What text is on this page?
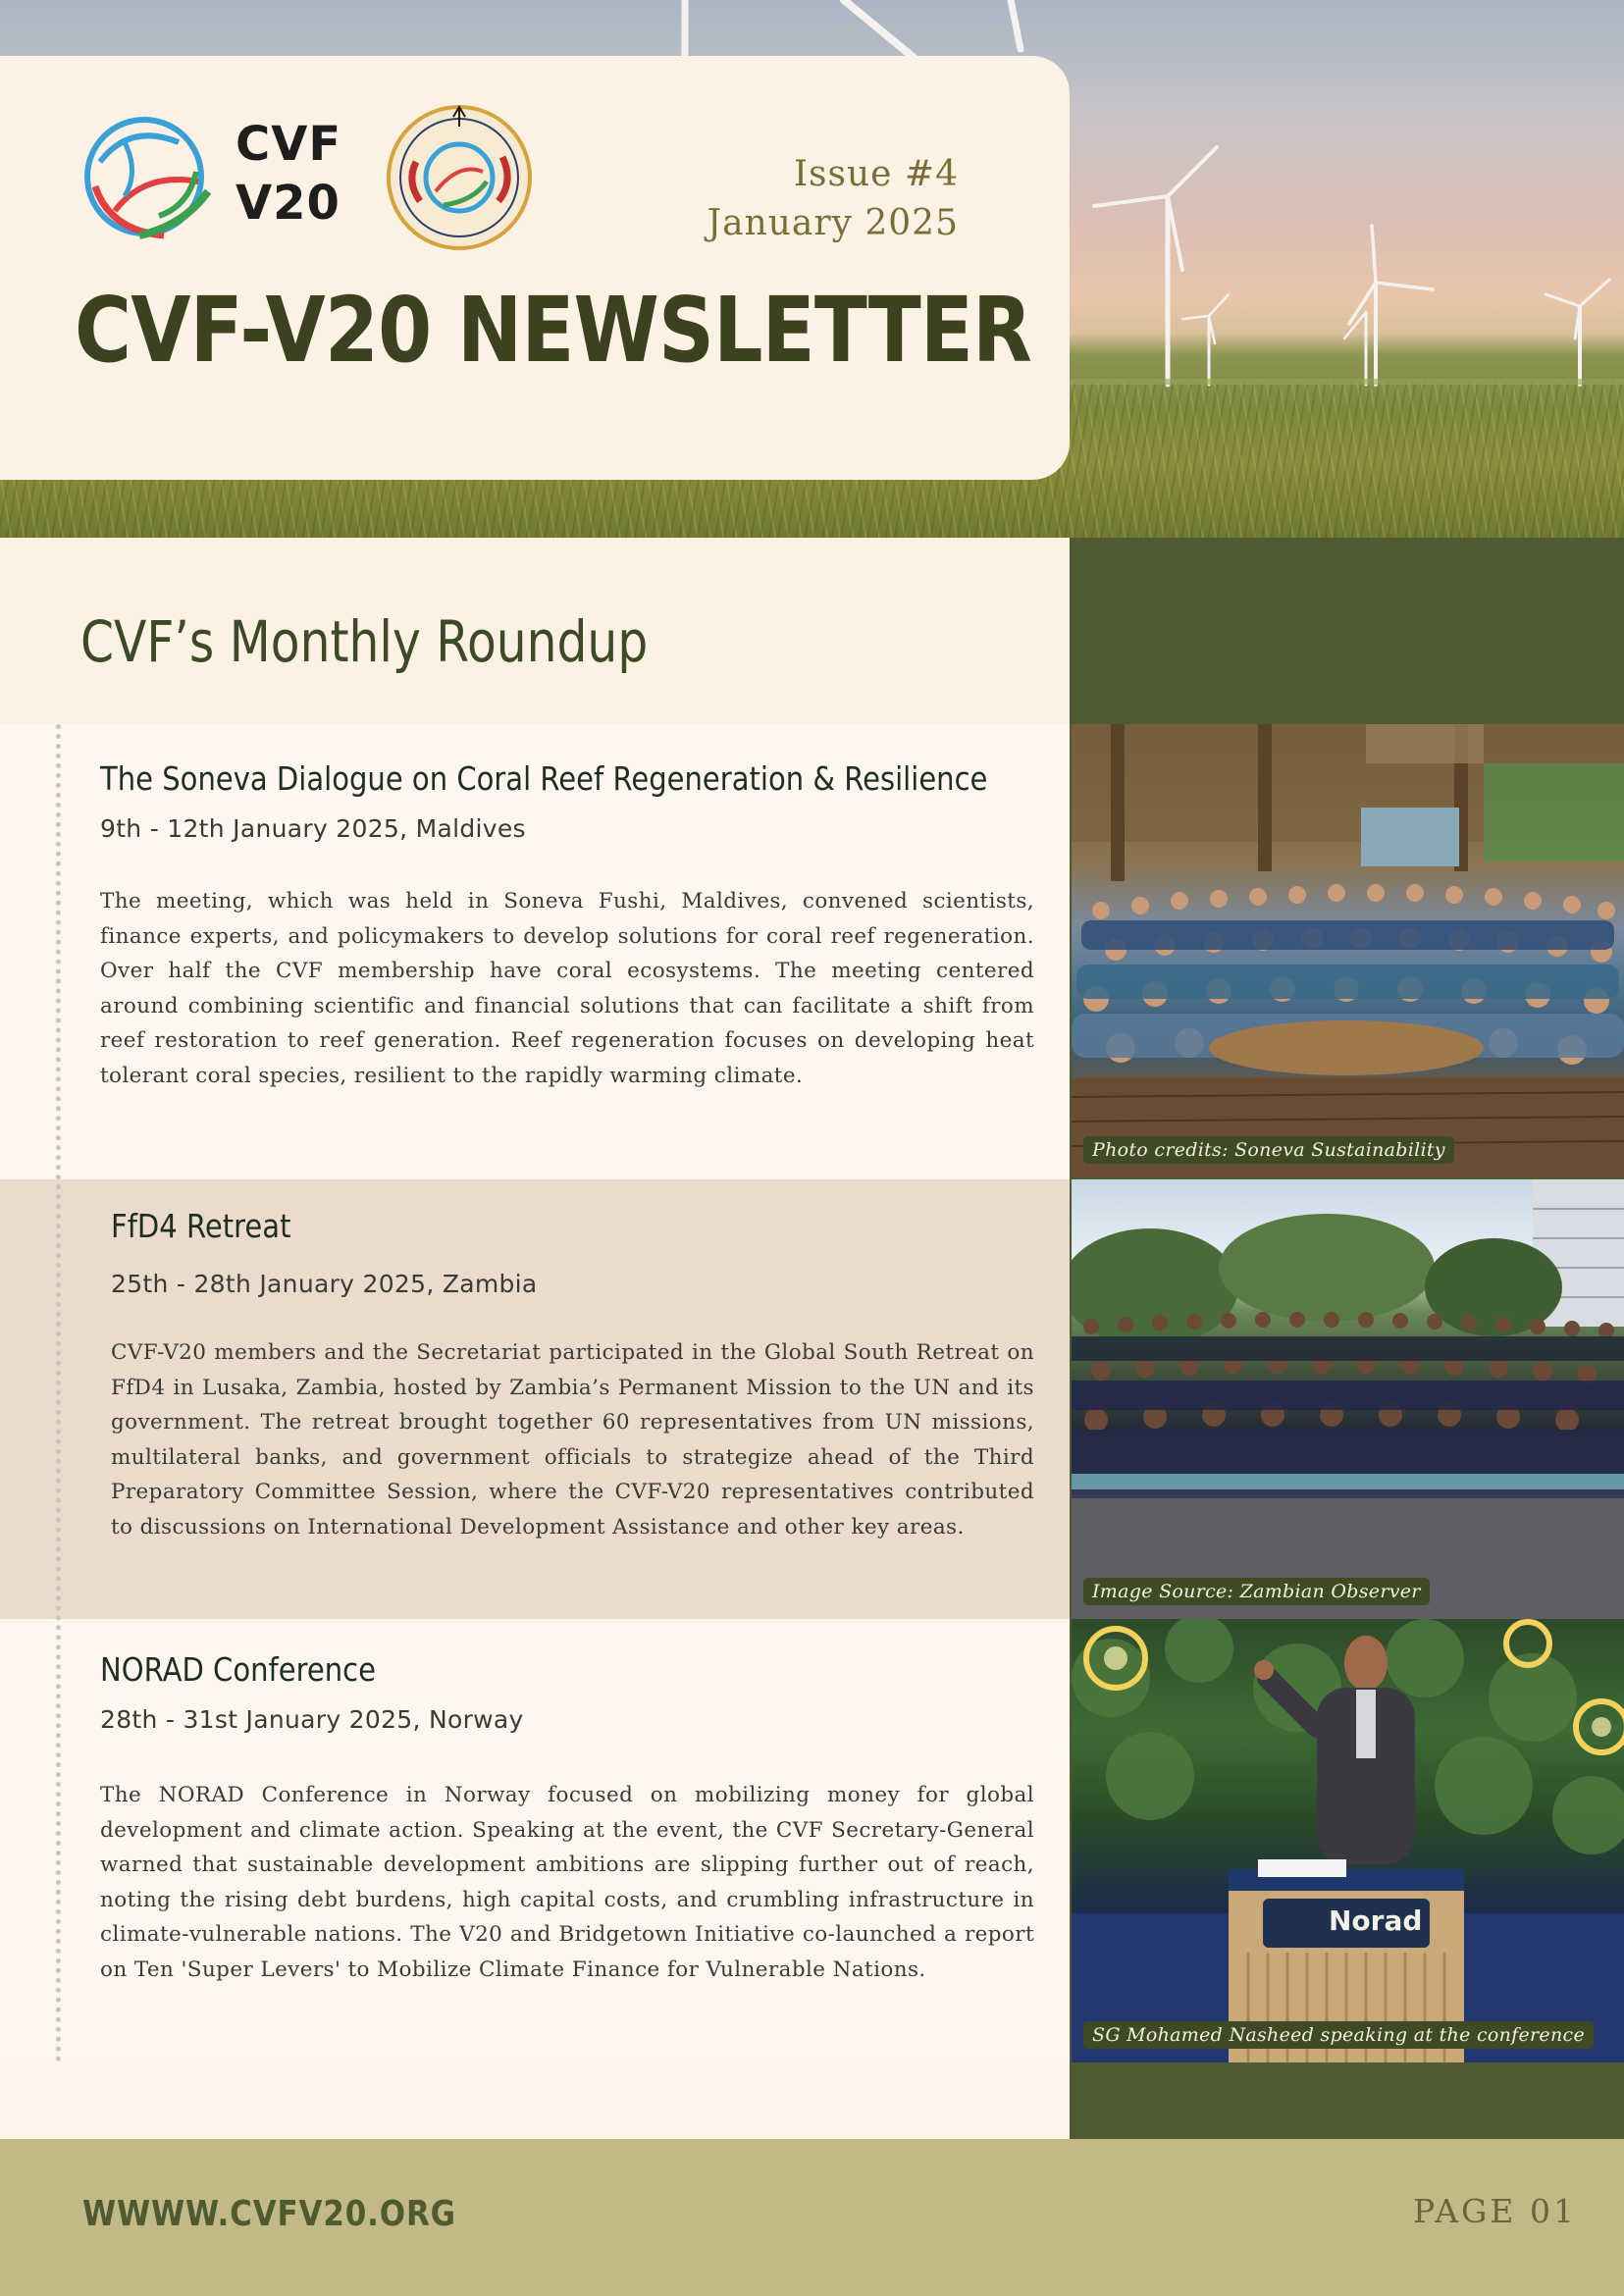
CVF
V20
Issue #4
January 2025
CVF-V20 NEWSLETTER
CVF’s Monthly Roundup
The Soneva Dialogue on Coral Reef Regeneration & Resilience
9th - 12th January 2025, Maldives
The meeting, which was held in Soneva Fushi, Maldives, convened scientists, finance experts, and policymakers to develop solutions for coral reef regeneration. Over half the CVF membership have coral ecosystems. The meeting centered around combining scientific and financial solutions that can facilitate a shift from reef restoration to reef generation. Reef regeneration focuses on developing heat tolerant coral species, resilient to the rapidly warming climate.
FfD4 Retreat
25th - 28th January 2025, Zambia
CVF-V20 members and the Secretariat participated in the Global South Retreat on FfD4 in Lusaka, Zambia, hosted by Zambia’s Permanent Mission to the UN and its government. The retreat brought together 60 representatives from UN missions, multilateral banks, and government officials to strategize ahead of the Third Preparatory Committee Session, where the CVF-V20 representatives contributed to discussions on International Development Assistance and other key areas.
NORAD Conference
28th - 31st January 2025, Norway
The NORAD Conference in Norway focused on mobilizing money for global development and climate action. Speaking at the event, the CVF Secretary-General warned that sustainable development ambitions are slipping further out of reach, noting the rising debt burdens, high capital costs, and crumbling infrastructure in climate-vulnerable nations. The V20 and Bridgetown Initiative co-launched a report on Ten 'Super Levers' to Mobilize Climate Finance for Vulnerable Nations.
Photo credits: Soneva Sustainability
Image Source: Zambian Observer
Norad
SG Mohamed Nasheed speaking at the conference
WWWW.CVFV20.ORG	PAGE 01
